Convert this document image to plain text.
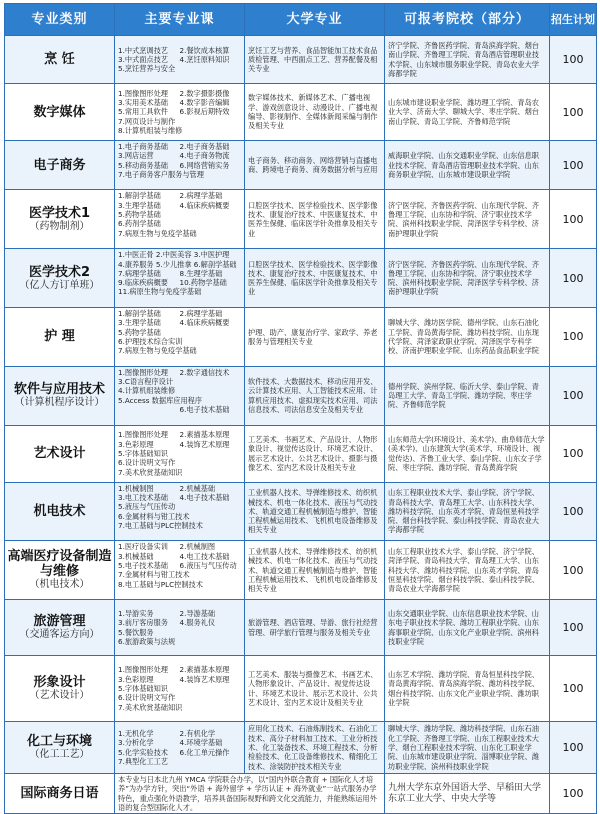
专业类别	主要专业课	大学专业	可报考院校（部分）	招生计划

烹 饪	1.中式烹调技艺 2.餐饮成本核算3.中式面点技艺 4.烹饪原料知识5.烹饪营养与安全	烹饪工艺与营养、食品智能加工技术食品质检管理、中西面点工艺、营养配餐及相关专业	济宁学院、齐鲁医药学院、青岛滨海学院、烟台南山学院、齐鲁理工学院、青岛酒店管理职业技术学院、山东城市服务职业学院、青岛农业大学海都学院	100

数字媒体	1.图像图形处理 2.数字摄影摄像3.实用美术基础 4.数字影音编辑5.常用工具软件 6.影视后期特效7.网页设计与制作8.计算机组装与维修	数字媒体技术、新媒体艺术、广播电视学、游戏创意设计、动漫设计、广播电视编导、影视制作、全媒体新闻采编与制作及相关专业	山东城市建设职业学院、潍坊理工学院、青岛农业大学、济南大学、聊城大学、枣庄学院、烟台南山学院、青岛工学院、齐鲁师范学院	100

电子商务	1.电子商务基础 2.电子商务基础3.网店运营 4.电子商务物流5.移动商务基础 6.网络营销实务7.电子商务客户服务与管理	电子商务、移动商务、网络营销与直播电商、跨境电子商务、商务数据分析与应用	威海职业学院、山东交通职业学院、山东信息职业技术学院、青岛酒店管理职业技术学院、山东商务职业学院、山东城市建设职业学院	100

医学技术1
（药物制剂）	1.解剖学基础 2.病理学基础3.生理学基础 4.临床疾病概要5.药物学基础6.药剂学基础7.病原生物与免疫学基础	口腔医学技术、医学检验技术、医学影像技术、康复治疗技术、中医康复技术、中医养生保健、临床医学针灸推拿及相关专业	济宁医学院、齐鲁医药学院、山东现代学院、齐鲁理工学院、山东协和学院、济宁职业技术学院、滨州科技职业学院、菏泽医学专科学校、济南护理职业学院	100

医学技术2
（亿人方订单班）	1.中医正骨 2.中医美容 3.中医护理4.康养服务 5.少儿推拿 6.解剖学基础7.病理学基础 8.生理学基础9.临床疾病概要 10.药物学基础11.病原生物与免疫学基础	口腔医学技术、医学检验技术、医学影像技术、康复治疗技术、中医康复技术、中医养生保健、临床医学针灸推拿及相关专业	济宁医学院、齐鲁医药学院、山东现代学院、齐鲁理工学院、山东协和学院、济宁职业技术学院、滨州科技职业学院、菏泽医学专科学校、济南护理职业学院	100

护 理	1.解剖学基础 2.病理学基础3.生理学基础 4.临床疾病概要5.药物学基础6.护理技术综合实训7.病原生物与免疫学基础	护理、助产、康复治疗学、家政学、养老服务与管理相关专业	聊城大学、潍坊医学院、德州学院、山东石油化工学院、青岛黄海学院、潍坊科技学院、山东现代学院、菏泽家政职业学院、菏泽医学专科学校、济南护理职业学院、山东药品食品职业学院	100

软件与应用技术
（计算机程序设计）	1.图像图形处理 2.数字通信技术3.C语言程序设计4.计算机组装维修5.Access 数据库应用程序6.电子技术基础	软件技术、大数据技术、移动应用开发、云计算技术应用、人工智能技术应用、计算机应用技术、虚拟现实技术应用、司法信息技术、司法信息安全及相关专业	德州学院、滨州学院、临沂大学、泰山学院、青岛理工大学、青岛工学院、潍坊学院、枣庄学院、齐鲁师范学院	100

艺术设计	1.图像图形处理 2.素描基本原理3.色彩原理 4.装饰艺术原理5.字体基础知识6.设计说明文写作7.美术欣赏基础知识	工艺美术、书画艺术、产品设计、人物形象设计、视觉传达设计、环境艺术设计、展示艺术设计、公共艺术设计、摄影与摄像艺术、室内艺术设计及相关专业	山东师范大学(环境设计、美术学)、曲阜师范大学(美术学)、山东建筑大学(美术学、环境设计、视觉传达)、齐鲁工业大学、泰山学院、山东女子学院、枣庄学院、潍坊学院、青岛黄海学院	100

机电技术	1.机械制图 2.机械基础3.电工技术基础 4.电子技术基础5.液压与气压传动6.金属材料与钳工技术7.电工基础与PLC控制技术	工业机器人技术、导弹维修技术、纺织机械技术、机电一体化技术、液压与气动技术、轨道交通工程机械制造与维护、智能工程机械运用技术、飞机机电设备维修及相关专业	山东工程职业技术大学、泰山学院、济宁学院、青岛科技大学、青岛理工大学、山东科技大学、潍坊科技学院、山东英才学院、青岛恒星科技学院、烟台科技学院、泰山科技学院、青岛农业大学海都学院	100

高端医疗设备制造与维修
（机电技术）	1.医疗设备实训 2.机械制图3.机械基础 4.电工技术基础5.电子技术基础 6.液压与气压传动7.金属材料与钳工技术8.电工基础与PLC控制技术	工业机器人技术、导弹维修技术、纺织机械技术、机电一体化技术、液压与气动技术、轨道交通工程机械制造与维护、智能工程机械运用技术、飞机机电设备维修及相关专业	山东工程职业技术大学、泰山学院、济宁学院、菏泽学院、青岛科技大学、青岛理工大学、山东科技大学、潍坊科技学院、山东英才学院、青岛恒星科技学院、烟台科技学院、泰山科技学院、青岛农业大学海都学院	100

旅游管理
（交通客运方向）	1.导游实务 2.导游基础3.前厅客房服务 4.服务礼仪5.餐饮服务6.旅游政策与法规	旅游管理、酒店管理、导游、旅行社经营管理、研学旅行管理与服务及相关专业	山东交通职业学院、山东信息职业技术学院、山东电子职业技术学院、潍坊工程职业学院、山东海事职业学院、山东文化产业职业学院、滨州科技职业学院	100

形象设计
（艺术设计）	1.图像图形处理 2.素描基本原理3.色彩原理 4.装饰艺术原理5.字体基础知识6.设计说明文写作7.美术欣赏基础知识	工艺美术、服装与摄像艺术、书画艺术、人物形象设计、产品设计、视觉传达设计、环境艺术设计、展示艺术设计、公共艺术设计、室内艺术设计及相关专业	山东艺术学院、潍坊学院、青岛恒星科技学院、青岛黄海学院、青岛滨海学院、潍坊科技学院、烟台科技学院、山东文化产业职业学院、潍坊职业学院	100

化工与环境
（化工工艺）	1.无机化学 2.有机化学3.分析化学 4.环境学基础5.化学实验技术 6.化工单元操作7.典型化工工艺	应用化工技术、石油炼制技术、石油化工技术、高分子材料加工技术、工业分析技术、化工装备技术、环境工程技术、分析检验技术、化工设备维修技术、精细化工技术、涂装防护技术相关专业	聊城大学、潍坊学院、潍坊科技学院、山东石油化工学院、齐鲁理工学院、山东工程职业技术大学、烟台工程职业技术学院、山东化工职业学院、山东城市建设职业学院、淄博职业学院、潍坊职业学院、滨州科技职业学院	100

国际商务日语	本专业与日本北九州 YMCA 学院联合办学，以“国内外联合教育 + 国际化人才培养”为办学方针，突出“外语 + 海外留学 + 学历认证 + 海外就业”一站式服务办学特色，重点强化外语教学，培养具备国际视野和跨文化交流能力，并能熟练运用外语的复合型国际化人才。		九州大学东京外国语大学、早稻田大学东京工业大学、中央大学等	100
